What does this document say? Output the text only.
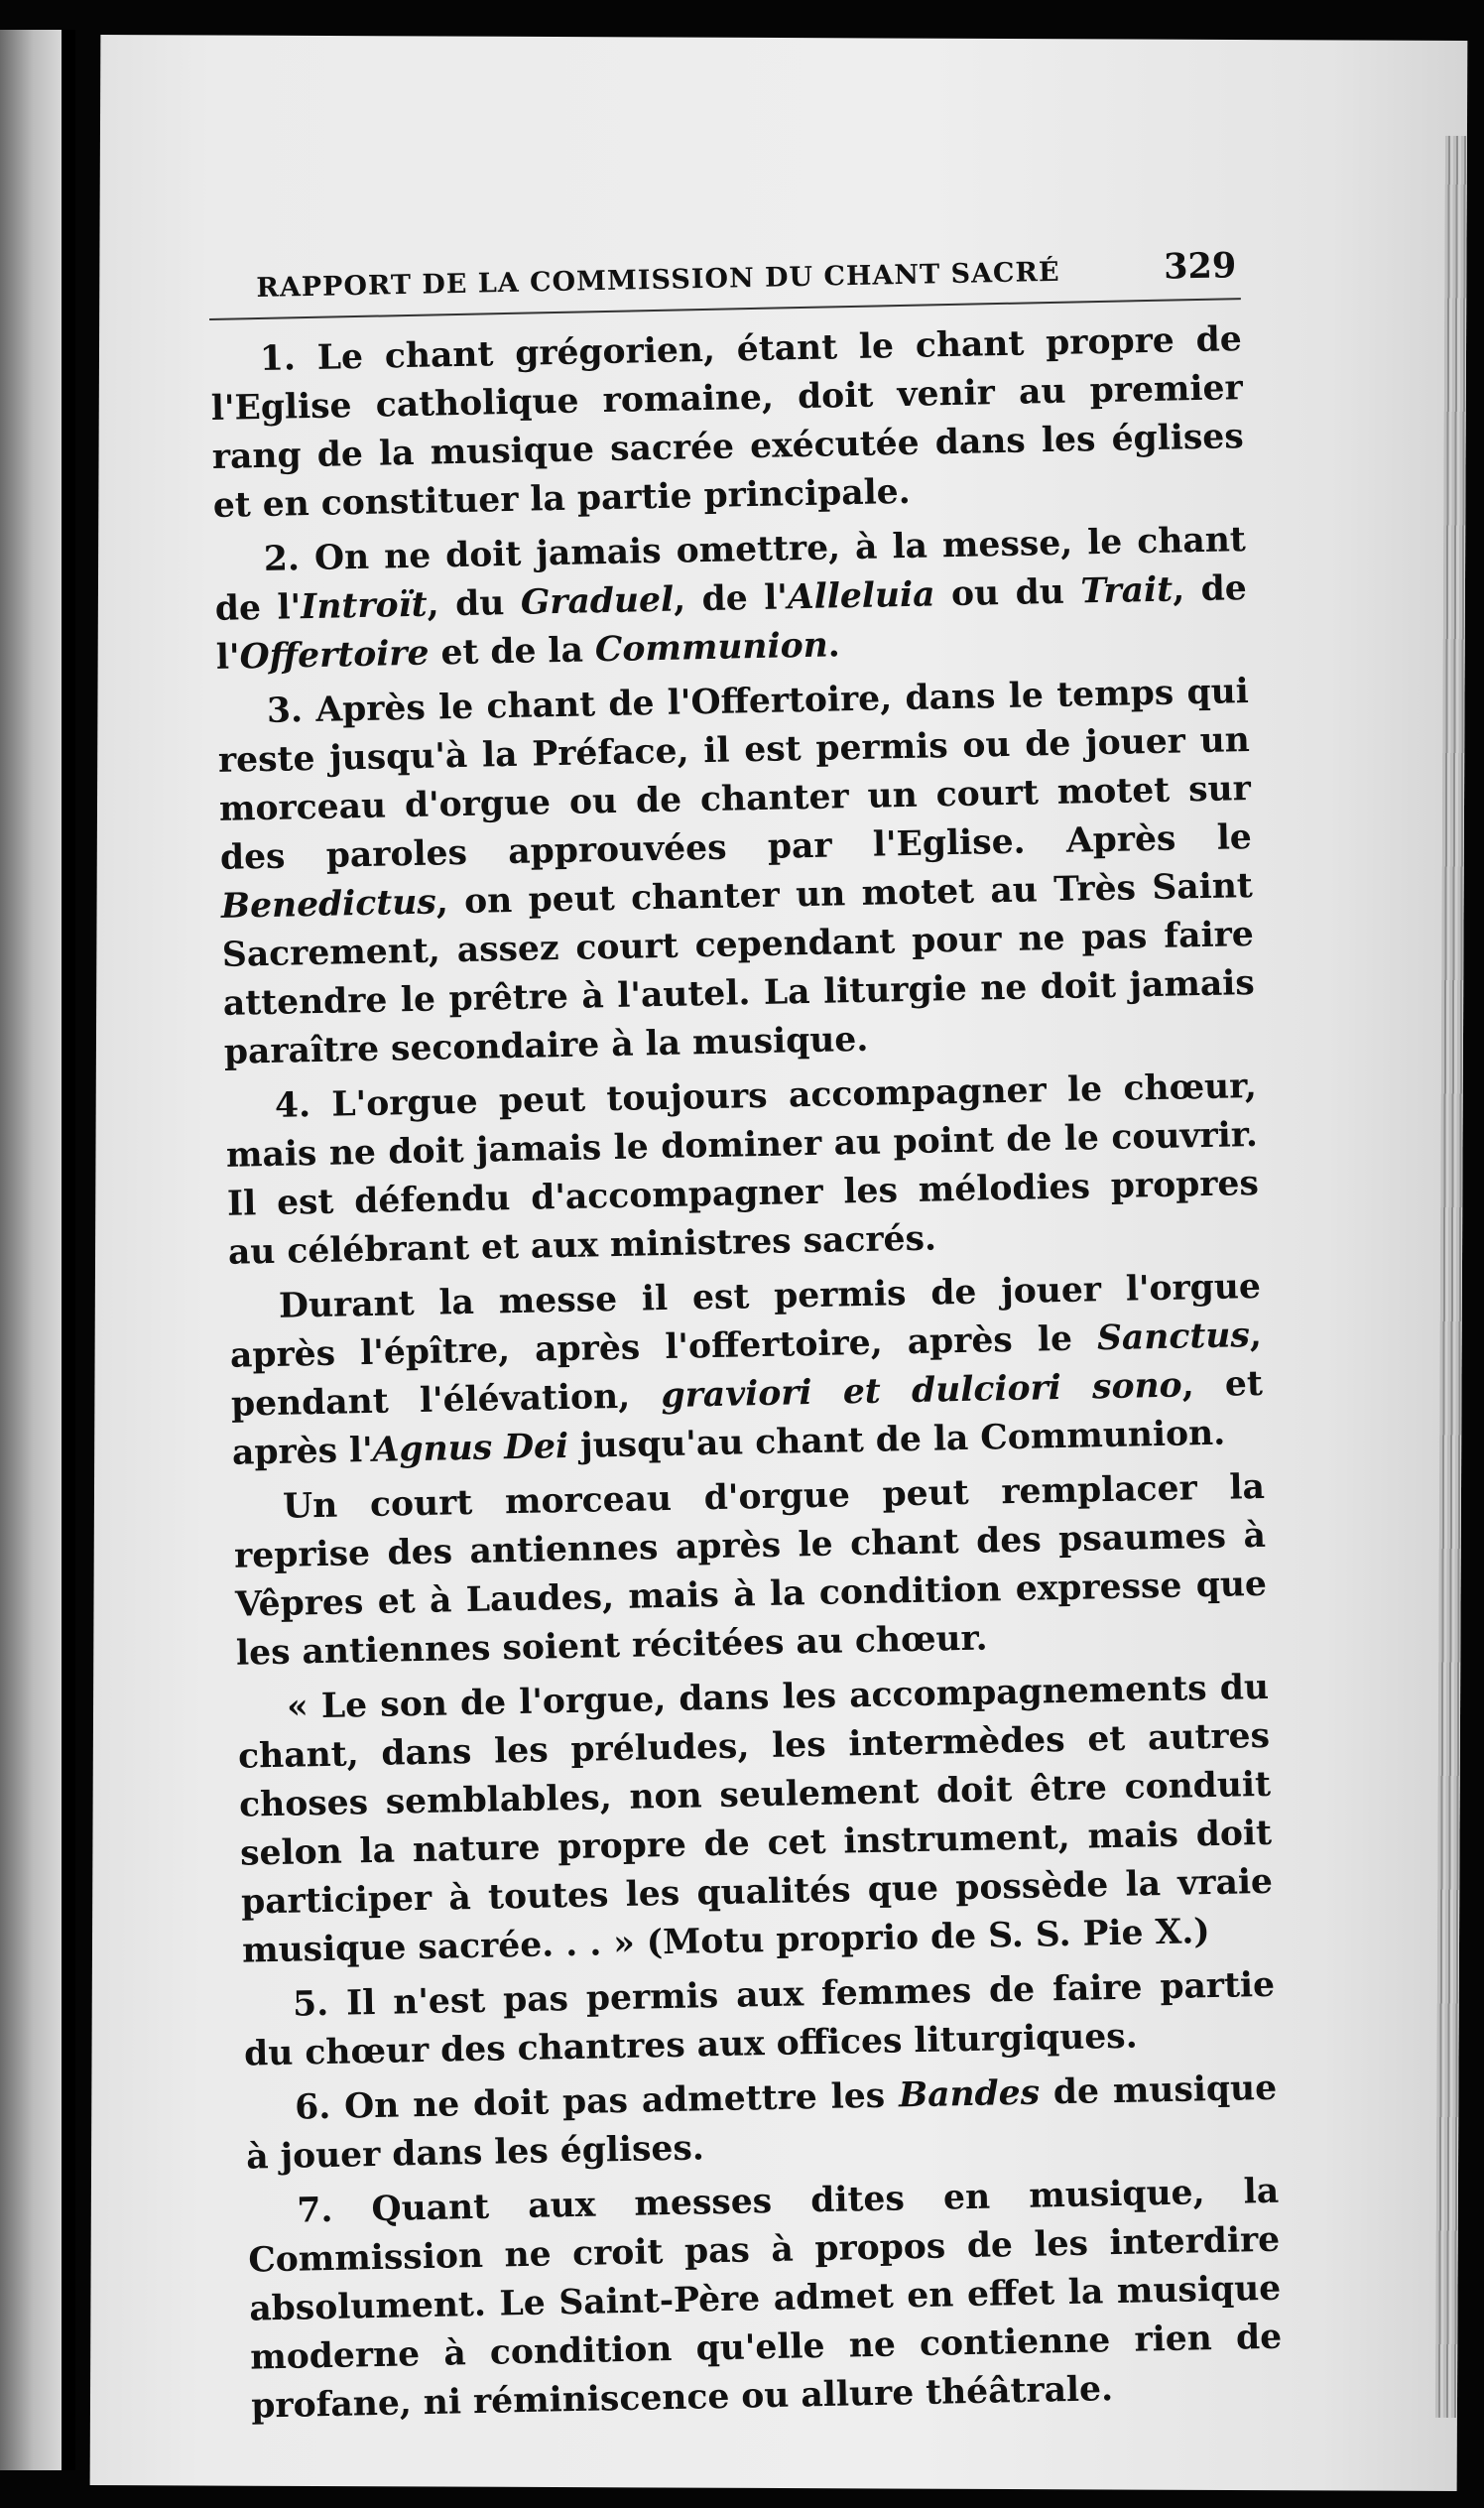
RAPPORT DE LA COMMISSION DU CHANT SACRÉ	329

1. Le chant grégorien, étant le chant propre de l'Eglise catholique romaine, doit venir au premier rang de la musique sacrée exécutée dans les églises et en constituer la partie principale.

2. On ne doit jamais omettre, à la messe, le chant de l'Introït, du Graduel, de l'Alleluia ou du Trait, de l'Offertoire et de la Communion.

3. Après le chant de l'Offertoire, dans le temps qui reste jusqu'à la Préface, il est permis ou de jouer un morceau d'orgue ou de chanter un court motet sur des paroles approuvées par l'Eglise. Après le Benedictus, on peut chanter un motet au Très Saint Sacrement, assez court cependant pour ne pas faire attendre le prêtre à l'autel. La liturgie ne doit jamais paraître secondaire à la musique.

4. L'orgue peut toujours accompagner le chœur, mais ne doit jamais le dominer au point de le couvrir. Il est défendu d'accompagner les mélodies propres au célébrant et aux ministres sacrés.

Durant la messe il est permis de jouer l'orgue après l'épître, après l'offertoire, après le Sanctus, pendant l'élévation, graviori et dulciori sono, et après l'Agnus Dei jusqu'au chant de la Communion.

Un court morceau d'orgue peut remplacer la reprise des antiennes après le chant des psaumes à Vêpres et à Laudes, mais à la condition expresse que les antiennes soient récitées au chœur.

« Le son de l'orgue, dans les accompagnements du chant, dans les préludes, les intermèdes et autres choses semblables, non seulement doit être conduit selon la nature propre de cet instrument, mais doit participer à toutes les qualités que possède la vraie musique sacrée. . . » (Motu proprio de S. S. Pie X.)

5. Il n'est pas permis aux femmes de faire partie du chœur des chantres aux offices liturgiques.

6. On ne doit pas admettre les Bandes de musique à jouer dans les églises.

7. Quant aux messes dites en musique, la Commission ne croit pas à propos de les interdire absolument. Le Saint-Père admet en effet la musique moderne à condition qu'elle ne contienne rien de profane, ni réminiscence ou allure théâtrale.
